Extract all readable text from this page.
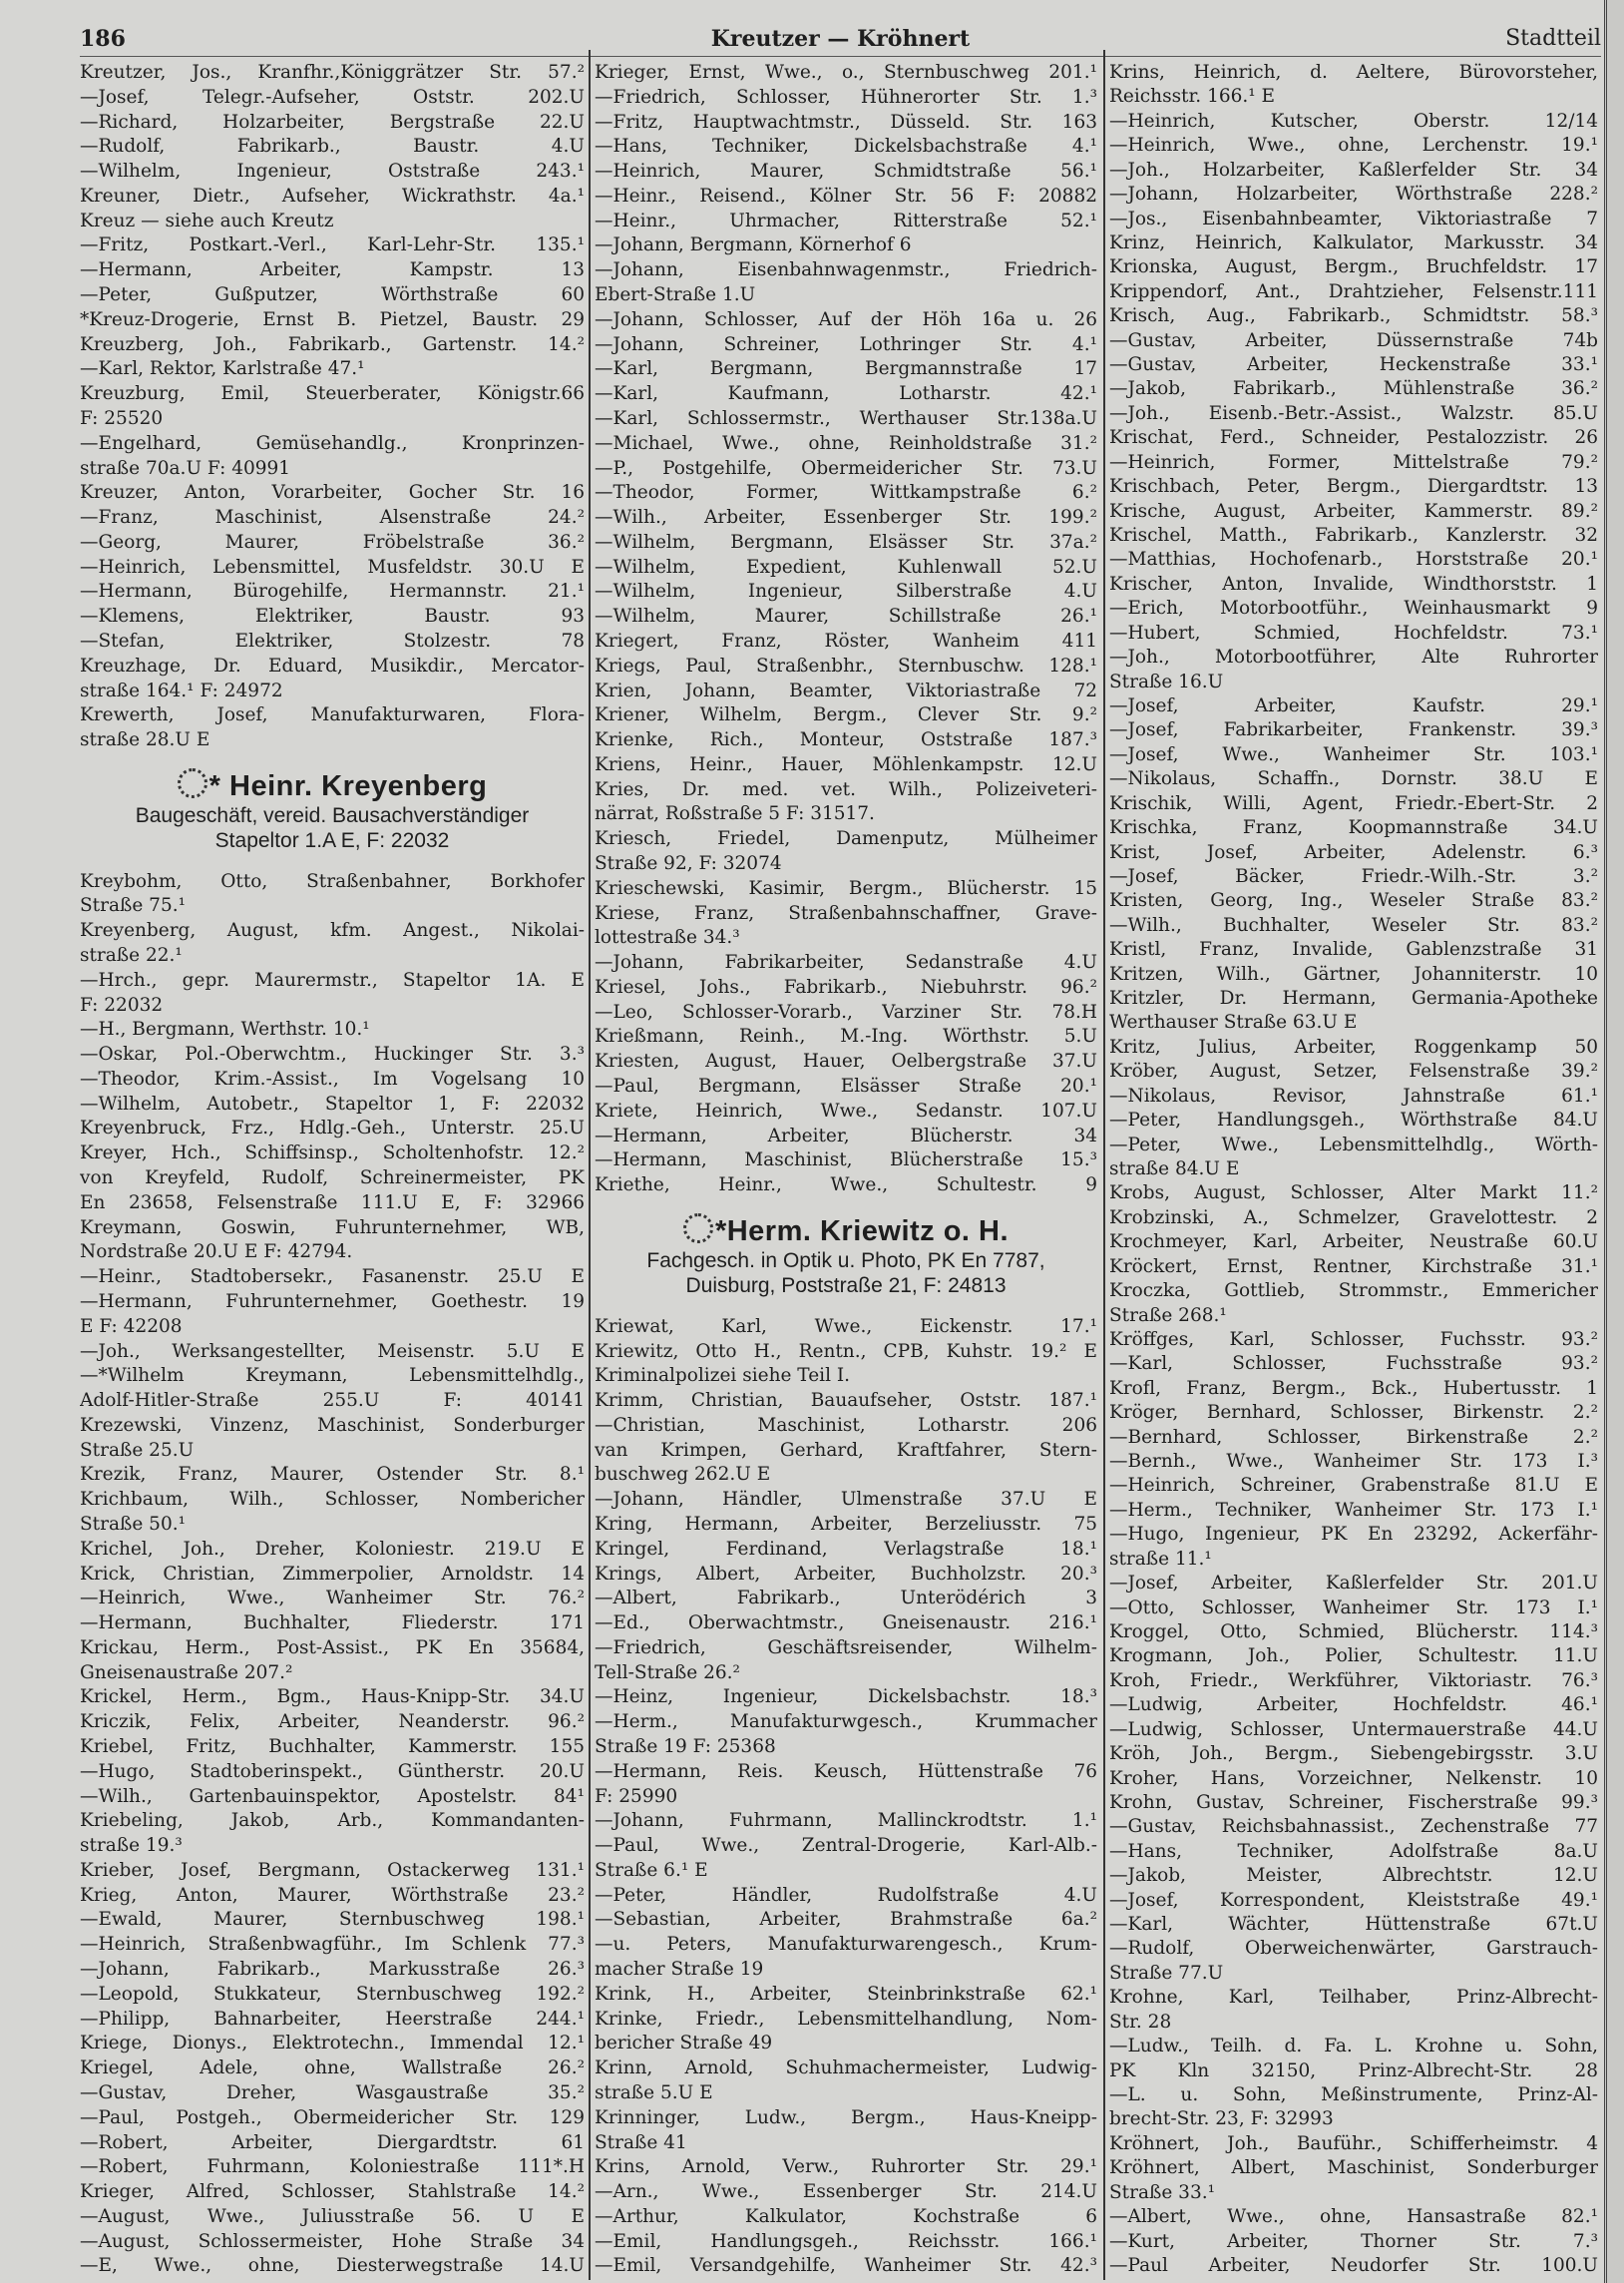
186	Kreutzer — Kröhnert	Stadtteil
Kreutzer, Jos., Kranfhr.,Königgrätzer Str. 57.²
—Josef, Telegr.-Aufseher, Oststr. 202.U
—Richard, Holzarbeiter, Bergstraße 22.U
—Rudolf, Fabrikarb., Baustr. 4.U
—Wilhelm, Ingenieur, Oststraße 243.¹
Kreuner, Dietr., Aufseher, Wickrathstr. 4a.¹
Kreuz — siehe auch Kreutz
—Fritz, Postkart.-Verl., Karl-Lehr-Str. 135.¹
—Hermann, Arbeiter, Kampstr. 13
—Peter, Gußputzer, Wörthstraße 60
*Kreuz-Drogerie, Ernst B. Pietzel, Baustr. 29
Kreuzberg, Joh., Fabrikarb., Gartenstr. 14.²
—Karl, Rektor, Karlstraße 47.¹
Kreuzburg, Emil, Steuerberater, Königstr.66
F: 25520
—Engelhard, Gemüsehandlg., Kronprinzen-
straße 70a.U F: 40991
Kreuzer, Anton, Vorarbeiter, Gocher Str. 16
—Franz, Maschinist, Alsenstraße 24.²
—Georg, Maurer, Fröbelstraße 36.²
—Heinrich, Lebensmittel, Musfeldstr. 30.U E
—Hermann, Bürogehilfe, Hermannstr. 21.¹
—Klemens, Elektriker, Baustr. 93
—Stefan, Elektriker, Stolzestr. 78
Kreuzhage, Dr. Eduard, Musikdir., Mercator-
straße 164.¹ F: 24972
Krewerth, Josef, Manufakturwaren, Flora-
straße 28.U E
* Heinr. Kreyenberg
Baugeschäft, vereid. Bausachverständiger
Stapeltor 1.A E, F: 22032
Kreybohm, Otto, Straßenbahner, Borkhofer
Straße 75.¹
Kreyenberg, August, kfm. Angest., Nikolai-
straße 22.¹
—Hrch., gepr. Maurermstr., Stapeltor 1A. E
F: 22032
—H., Bergmann, Werthstr. 10.¹
—Oskar, Pol.-Oberwchtm., Huckinger Str. 3.³
—Theodor, Krim.-Assist., Im Vogelsang 10
—Wilhelm, Autobetr., Stapeltor 1, F: 22032
Kreyenbruck, Frz., Hdlg.-Geh., Unterstr. 25.U
Kreyer, Hch., Schiffsinsp., Scholtenhofstr. 12.²
von Kreyfeld, Rudolf, Schreinermeister, PK
En 23658, Felsenstraße 111.U E, F: 32966
Kreymann, Goswin, Fuhrunternehmer, WB,
Nordstraße 20.U E F: 42794.
—Heinr., Stadtobersekr., Fasanenstr. 25.U E
—Hermann, Fuhrunternehmer, Goethestr. 19
E F: 42208
—Joh., Werksangestellter, Meisenstr. 5.U E
—*Wilhelm Kreymann, Lebensmittelhdlg.,
Adolf-Hitler-Straße 255.U F: 40141
Krezewski, Vinzenz, Maschinist, Sonderburger
Straße 25.U
Krezik, Franz, Maurer, Ostender Str. 8.¹
Krichbaum, Wilh., Schlosser, Nombericher
Straße 50.¹
Krichel, Joh., Dreher, Koloniestr. 219.U E
Krick, Christian, Zimmerpolier, Arnoldstr. 14
—Heinrich, Wwe., Wanheimer Str. 76.²
—Hermann, Buchhalter, Fliederstr. 171
Krickau, Herm., Post-Assist., PK En 35684,
Gneisenaustraße 207.²
Krickel, Herm., Bgm., Haus-Knipp-Str. 34.U
Kriczik, Felix, Arbeiter, Neanderstr. 96.²
Kriebel, Fritz, Buchhalter, Kammerstr. 155
—Hugo, Stadtoberinspekt., Güntherstr. 20.U
—Wilh., Gartenbauinspektor, Apostelstr. 84¹
Kriebeling, Jakob, Arb., Kommandanten-
straße 19.³
Krieber, Josef, Bergmann, Ostackerweg 131.¹
Krieg, Anton, Maurer, Wörthstraße 23.²
—Ewald, Maurer, Sternbuschweg 198.¹
—Heinrich, Straßenbwagführ., Im Schlenk 77.³
—Johann, Fabrikarb., Markusstraße 26.³
—Leopold, Stukkateur, Sternbuschweg 192.²
—Philipp, Bahnarbeiter, Heerstraße 244.¹
Kriege, Dionys., Elektrotechn., Immendal 12.¹
Kriegel, Adele, ohne, Wallstraße 26.²
—Gustav, Dreher, Wasgaustraße 35.²
—Paul, Postgeh., Obermeidericher Str. 129
—Robert, Arbeiter, Diergardtstr. 61
—Robert, Fuhrmann, Koloniestraße 111*.H
Krieger, Alfred, Schlosser, Stahlstraße 14.²
—August, Wwe., Juliusstraße 56. U E
—August, Schlossermeister, Hohe Straße 34
—E, Wwe., ohne, Diesterwegstraße 14.U
Krieger, Ernst, Wwe., o., Sternbuschweg 201.¹
—Friedrich, Schlosser, Hühnerorter Str. 1.³
—Fritz, Hauptwachtmstr., Düsseld. Str. 163
—Hans, Techniker, Dickelsbachstraße 4.¹
—Heinrich, Maurer, Schmidtstraße 56.¹
—Heinr., Reisend., Kölner Str. 56 F: 20882
—Heinr., Uhrmacher, Ritterstraße 52.¹
—Johann, Bergmann, Körnerhof 6
—Johann, Eisenbahnwagenmstr., Friedrich-
Ebert-Straße 1.U
—Johann, Schlosser, Auf der Höh 16a u. 26
—Johann, Schreiner, Lothringer Str. 4.¹
—Karl, Bergmann, Bergmannstraße 17
—Karl, Kaufmann, Lotharstr. 42.¹
—Karl, Schlossermstr., Werthauser Str.138a.U
—Michael, Wwe., ohne, Reinholdstraße 31.²
—P., Postgehilfe, Obermeidericher Str. 73.U
—Theodor, Former, Wittkampstraße 6.²
—Wilh., Arbeiter, Essenberger Str. 199.²
—Wilhelm, Bergmann, Elsässer Str. 37a.²
—Wilhelm, Expedient, Kuhlenwall 52.U
—Wilhelm, Ingenieur, Silberstraße 4.U
—Wilhelm, Maurer, Schillstraße 26.¹
Kriegert, Franz, Röster, Wanheim 411
Kriegs, Paul, Straßenbhr., Sternbuschw. 128.¹
Krien, Johann, Beamter, Viktoriastraße 72
Kriener, Wilhelm, Bergm., Clever Str. 9.²
Krienke, Rich., Monteur, Oststraße 187.³
Kriens, Heinr., Hauer, Möhlenkampstr. 12.U
Kries, Dr. med. vet. Wilh., Polizeiveteri-
närrat, Roßstraße 5 F: 31517.
Kriesch, Friedel, Damenputz, Mülheimer
Straße 92, F: 32074
Krieschewski, Kasimir, Bergm., Blücherstr. 15
Kriese, Franz, Straßenbahnschaffner, Grave-
lottestraße 34.³
—Johann, Fabrikarbeiter, Sedanstraße 4.U
Kriesel, Johs., Fabrikarb., Niebuhrstr. 96.²
—Leo, Schlosser-Vorarb., Varziner Str. 78.H
Krießmann, Reinh., M.-Ing. Wörthstr. 5.U
Kriesten, August, Hauer, Oelbergstraße 37.U
—Paul, Bergmann, Elsässer Straße 20.¹
Kriete, Heinrich, Wwe., Sedanstr. 107.U
—Hermann, Arbeiter, Blücherstr. 34
—Hermann, Maschinist, Blücherstraße 15.³
Kriethe, Heinr., Wwe., Schultestr. 9
*Herm. Kriewitz o. H.
Fachgesch. in Optik u. Photo, PK En 7787,
Duisburg, Poststraße 21, F: 24813
Kriewat, Karl, Wwe., Eickenstr. 17.¹
Kriewitz, Otto H., Rentn., CPB, Kuhstr. 19.² E
Kriminalpolizei siehe Teil I.
Krimm, Christian, Bauaufseher, Oststr. 187.¹
—Christian, Maschinist, Lotharstr. 206
van Krimpen, Gerhard, Kraftfahrer, Stern-
buschweg 262.U E
—Johann, Händler, Ulmenstraße 37.U E
Kring, Hermann, Arbeiter, Berzeliusstr. 75
Kringel, Ferdinand, Verlagstraße 18.¹
Krings, Albert, Arbeiter, Buchholzstr. 20.³
—Albert, Fabrikarb., Unterödérich 3
—Ed., Oberwachtmstr., Gneisenaustr. 216.¹
—Friedrich, Geschäftsreisender, Wilhelm-
Tell-Straße 26.²
—Heinz, Ingenieur, Dickelsbachstr. 18.³
—Herm., Manufakturwgesch., Krummacher
Straße 19 F: 25368
—Hermann, Reis. Keusch, Hüttenstraße 76
F: 25990
—Johann, Fuhrmann, Mallinckrodtstr. 1.¹
—Paul, Wwe., Zentral-Drogerie, Karl-Alb.-
Straße 6.¹ E
—Peter, Händler, Rudolfstraße 4.U
—Sebastian, Arbeiter, Brahmstraße 6a.²
—u. Peters, Manufakturwarengesch., Krum-
macher Straße 19
Krink, H., Arbeiter, Steinbrinkstraße 62.¹
Krinke, Friedr., Lebensmittelhandlung, Nom-
bericher Straße 49
Krinn, Arnold, Schuhmachermeister, Ludwig-
straße 5.U E
Krinninger, Ludw., Bergm., Haus-Kneipp-
Straße 41
Krins, Arnold, Verw., Ruhrorter Str. 29.¹
—Arn., Wwe., Essenberger Str. 214.U
—Arthur, Kalkulator, Kochstraße 6
—Emil, Handlungsgeh., Reichsstr. 166.¹
—Emil, Versandgehilfe, Wanheimer Str. 42.³
Krins, Heinrich, d. Aeltere, Bürovorsteher,
Reichsstr. 166.¹ E
—Heinrich, Kutscher, Oberstr. 12/14
—Heinrich, Wwe., ohne, Lerchenstr. 19.¹
—Joh., Holzarbeiter, Kaßlerfelder Str. 34
—Johann, Holzarbeiter, Wörthstraße 228.²
—Jos., Eisenbahnbeamter, Viktoriastraße 7
Krinz, Heinrich, Kalkulator, Markusstr. 34
Krionska, August, Bergm., Bruchfeldstr. 17
Krippendorf, Ant., Drahtzieher, Felsenstr.111
Krisch, Aug., Fabrikarb., Schmidtstr. 58.³
—Gustav, Arbeiter, Düssernstraße 74b
—Gustav, Arbeiter, Heckenstraße 33.¹
—Jakob, Fabrikarb., Mühlenstraße 36.²
—Joh., Eisenb.-Betr.-Assist., Walzstr. 85.U
Krischat, Ferd., Schneider, Pestalozzistr. 26
—Heinrich, Former, Mittelstraße 79.²
Krischbach, Peter, Bergm., Diergardtstr. 13
Krische, August, Arbeiter, Kammerstr. 89.²
Krischel, Matth., Fabrikarb., Kanzlerstr. 32
—Matthias, Hochofenarb., Horststraße 20.¹
Krischer, Anton, Invalide, Windthorststr. 1
—Erich, Motorbootführ., Weinhausmarkt 9
—Hubert, Schmied, Hochfeldstr. 73.¹
—Joh., Motorbootführer, Alte Ruhrorter
Straße 16.U
—Josef, Arbeiter, Kaufstr. 29.¹
—Josef, Fabrikarbeiter, Frankenstr. 39.³
—Josef, Wwe., Wanheimer Str. 103.¹
—Nikolaus, Schaffn., Dornstr. 38.U E
Krischik, Willi, Agent, Friedr.-Ebert-Str. 2
Krischka, Franz, Koopmannstraße 34.U
Krist, Josef, Arbeiter, Adelenstr. 6.³
—Josef, Bäcker, Friedr.-Wilh.-Str. 3.²
Kristen, Georg, Ing., Weseler Straße 83.²
—Wilh., Buchhalter, Weseler Str. 83.²
Kristl, Franz, Invalide, Gablenzstraße 31
Kritzen, Wilh., Gärtner, Johanniterstr. 10
Kritzler, Dr. Hermann, Germania-Apotheke
Werthauser Straße 63.U E
Kritz, Julius, Arbeiter, Roggenkamp 50
Kröber, August, Setzer, Felsenstraße 39.²
—Nikolaus, Revisor, Jahnstraße 61.¹
—Peter, Handlungsgeh., Wörthstraße 84.U
—Peter, Wwe., Lebensmittelhdlg., Wörth-
straße 84.U E
Krobs, August, Schlosser, Alter Markt 11.²
Krobzinski, A., Schmelzer, Gravelottestr. 2
Krochmeyer, Karl, Arbeiter, Neustraße 60.U
Kröckert, Ernst, Rentner, Kirchstraße 31.¹
Kroczka, Gottlieb, Strommstr., Emmericher
Straße 268.¹
Kröffges, Karl, Schlosser, Fuchsstr. 93.²
—Karl, Schlosser, Fuchsstraße 93.²
Krofl, Franz, Bergm., Bck., Hubertusstr. 1
Kröger, Bernhard, Schlosser, Birkenstr. 2.²
—Bernhard, Schlosser, Birkenstraße 2.²
—Bernh., Wwe., Wanheimer Str. 173 I.³
—Heinrich, Schreiner, Grabenstraße 81.U E
—Herm., Techniker, Wanheimer Str. 173 I.¹
—Hugo, Ingenieur, PK En 23292, Ackerfähr-
straße 11.¹
—Josef, Arbeiter, Kaßlerfelder Str. 201.U
—Otto, Schlosser, Wanheimer Str. 173 I.¹
Kroggel, Otto, Schmied, Blücherstr. 114.³
Krogmann, Joh., Polier, Schultestr. 11.U
Kroh, Friedr., Werkführer, Viktoriastr. 76.³
—Ludwig, Arbeiter, Hochfeldstr. 46.¹
—Ludwig, Schlosser, Untermauerstraße 44.U
Kröh, Joh., Bergm., Siebengebirgsstr. 3.U
Kroher, Hans, Vorzeichner, Nelkenstr. 10
Krohn, Gustav, Schreiner, Fischerstraße 99.³
—Gustav, Reichsbahnassist., Zechenstraße 77
—Hans, Techniker, Adolfstraße 8a.U
—Jakob, Meister, Albrechtstr. 12.U
—Josef, Korrespondent, Kleiststraße 49.¹
—Karl, Wächter, Hüttenstraße 67t.U
—Rudolf, Oberweichenwärter, Garstrauch-
Straße 77.U
Krohne, Karl, Teilhaber, Prinz-Albrecht-
Str. 28
—Ludw., Teilh. d. Fa. L. Krohne u. Sohn,
PK Kln 32150, Prinz-Albrecht-Str. 28
—L. u. Sohn, Meßinstrumente, Prinz-Al-
brecht-Str. 23, F: 32993
Kröhnert, Joh., Bauführ., Schifferheimstr. 4
Kröhnert, Albert, Maschinist, Sonderburger
Straße 33.¹
—Albert, Wwe., ohne, Hansastraße 82.¹
—Kurt, Arbeiter, Thorner Str. 7.³
—Paul Arbeiter, Neudorfer Str. 100.U
